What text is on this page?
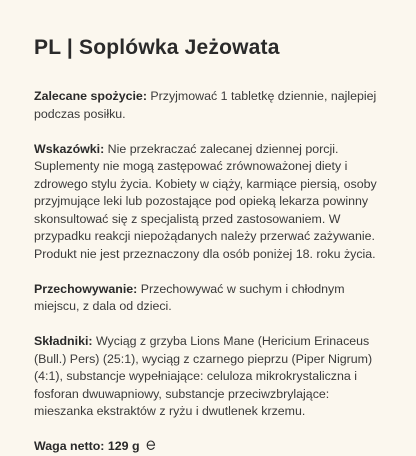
PL | Soplówka Jeżowata

Zalecane spożycie: Przyjmować 1 tabletkę dziennie, najlepiej podczas posiłku.

Wskazówki: Nie przekraczać zalecanej dziennej porcji. Suplementy nie mogą zastępować zrównoważonej diety i zdrowego stylu życia. Kobiety w ciąży, karmiące piersią, osoby przyjmujące leki lub pozostające pod opieką lekarza powinny skonsultować się z specjalistą przed zastosowaniem. W przypadku reakcji niepożądanych należy przerwać zażywanie. Produkt nie jest przeznaczony dla osób poniżej 18. roku życia.

Przechowywanie: Przechowywać w suchym i chłodnym miejscu, z dala od dzieci.

Składniki: Wyciąg z grzyba Lions Mane (Hericium Erinaceus (Bull.) Pers) (25:1), wyciąg z czarnego pieprzu (Piper Nigrum) (4:1), substancje wypełniające: celuloza mikrokrystaliczna i fosforan dwuwapniowy, substancje przeciwzbrylające: mieszanka ekstraktów z ryżu i dwutlenek krzemu.

Waga netto: 129 g
